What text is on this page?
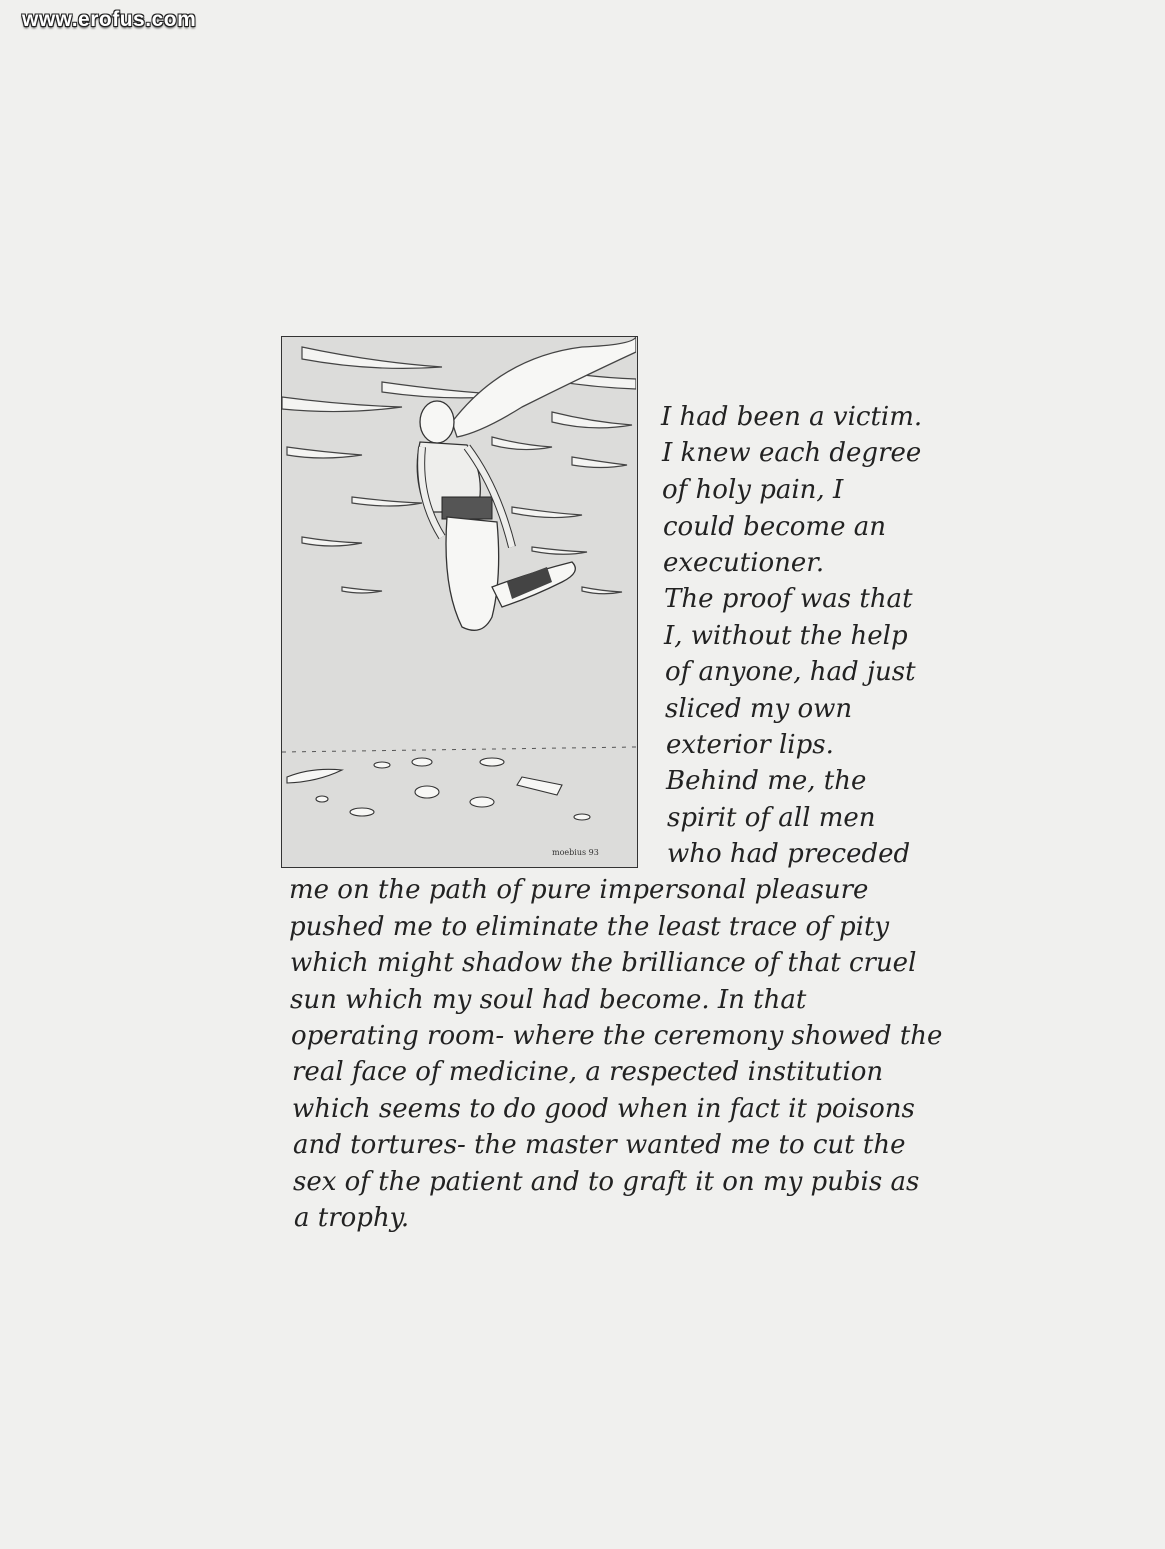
www.erofus.com
moebius 93
I had been a victim.
I knew each degree
of holy pain, I
could become an
executioner.
The proof was that
I, without the help
of anyone, had just
sliced my own
exterior lips.
Behind me, the
spirit of all men
who had preceded
me on the path of pure impersonal pleasure
pushed me to eliminate the least trace of pity
which might shadow the brilliance of that cruel
sun which my soul had become. In that
operating room- where the ceremony showed the
real face of medicine, a respected institution
which seems to do good when in fact it poisons
and tortures- the master wanted me to cut the
sex of the patient and to graft it on my pubis as
a trophy.
